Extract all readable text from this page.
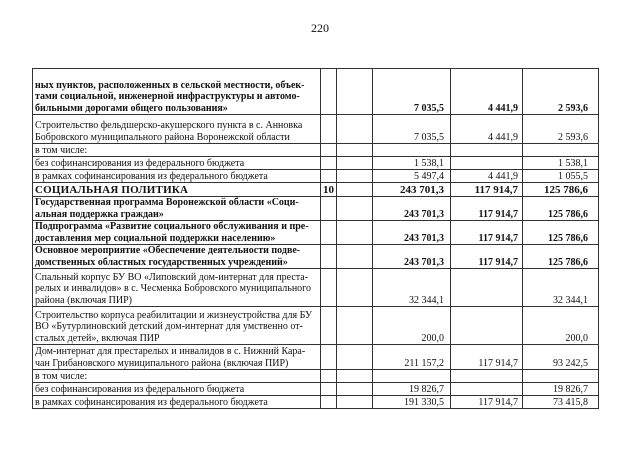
220
ных пунктов, расположенных в сельской местности, объек-тами социальной, инженерной инфраструктуры и автомо-бильными дорогами общего пользования»			7 035,5	4 441,9	2 593,6
Строительство фельдшерско-акушерского пункта в с. Анновка Бобровского муниципального района Воронежской области			7 035,5	4 441,9	2 593,6
в том числе:					
без софинансирования из федерального бюджета			1 538,1		1 538,1
в рамках софинансирования из федерального бюджета			5 497,4	4 441,9	1 055,5
СОЦИАЛЬНАЯ ПОЛИТИКА	10		243 701,3	117 914,7	125 786,6
Государственная программа Воронежской области «Соци-альная поддержка граждан»			243 701,3	117 914,7	125 786,6
Подпрограмма «Развитие социального обслуживания и пре-доставления мер социальной поддержки населению»			243 701,3	117 914,7	125 786,6
Основное мероприятие «Обеспечение деятельности подве-домственных областных государственных учреждений»			243 701,3	117 914,7	125 786,6
Спальный корпус БУ ВО «Липовский дом-интернат для преста-релых и инвалидов» в с. Чесменка Бобровского муниципального района (включая ПИР)			32 344,1		32 344,1
Строительство корпуса реабилитации и жизнеустройства для БУ ВО «Бутурлиновский детский дом-интернат для умственно от-сталых детей», включая ПИР			200,0		200,0
Дом-интернат для престарелых и инвалидов в с. Нижний Кара-чан Грибановского муниципального района (включая ПИР)			211 157,2	117 914,7	93 242,5
в том числе:					
без софинансирования из федерального бюджета			19 826,7		19 826,7
в рамках софинансирования из федерального бюджета			191 330,5	117 914,7	73 415,8
